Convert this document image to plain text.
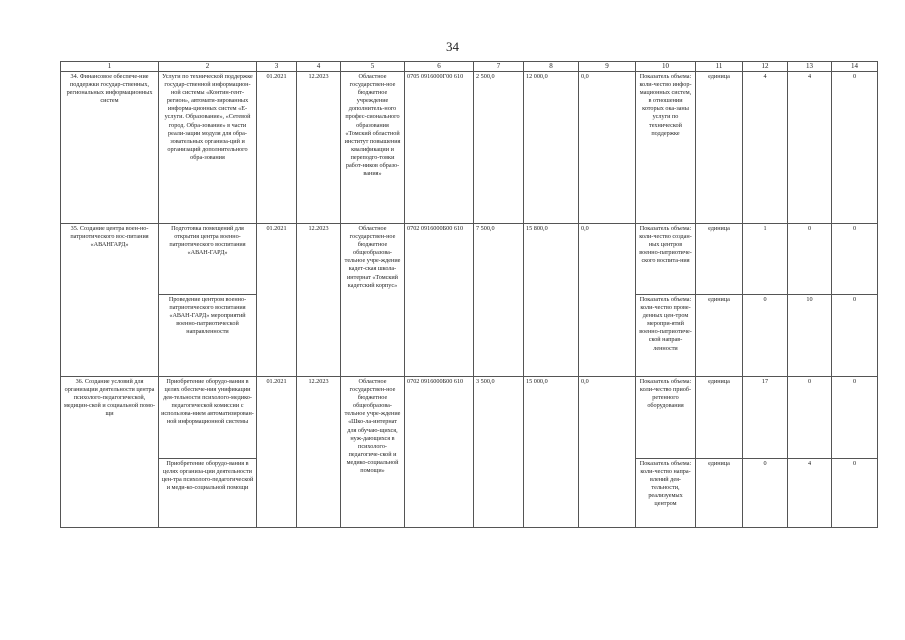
34
1	2	3	4	5	6	7	8	9	10	11	12	13	14
34. Финансовое обеспече-ние поддержки государ-ственных, региональных информационных систем	Услуги по технической поддержке государ-ственной информацион-ной системы «Контин-гент-регион», автомати-зированных информа-ционных систем «Е-услуги. Образование», «Сетевой город. Обра-зование» в части реали-зации модуля для обра-зовательных организа-ций и организаций дополнительного обра-зования	01.2021	12.2023	Областное государствен-ное бюджетное учреждение дополнитель-ного профес-сионального образования «Томский областной институт повышения квалификации и переподго-товки работ-ников образо-вания»	0705 0916000Г00 610	2 500,0	12 000,0	0,0	Показатель объема: коли-чество инфор-мационных систем, в отношении которых ока-заны услуги по технической поддержке	единица	4	4	0
35. Создание центра воен-но-патриотического вос-питания «АВАНГАРД»	Подготовка помещений для открытия центра военно-патриотического воспитания «АВАН-ГАРД»	01.2021	12.2023	Областное государствен-ное бюджетное общеобразова-тельное учре-ждение кадет-ская школа-интернат «Томский кадетский корпус»	0702 0916000Б00 610	7 500,0	15 800,0	0,0	Показатель объема: коли-чество создан-ных центров военно-патриотиче-ского воспита-ния	единица	1	0	0
	Проведение центром военно-патриотического воспитания «АВАН-ГАРД» мероприятий военно-патриотической направленности								Показатель объема: коли-чество прове-денных цен-тром меропри-ятий военно-патриотиче-ской направ-ленности	единица	0	10	0
36. Создание условий для организации деятельности центра психолого-педагогической, медицин-ской и социальной помо-щи	Приобретение оборудо-вания в целях обеспече-ния унификации дея-тельности психолого-медико-педагогической комиссии с использова-нием автоматизирован-ной информационной системы	01.2021	12.2023	Областное государствен-ное бюджетное общеобразова-тельное учре-ждение «Шко-ла-интернат для обучаю-щихся, нуж-дающихся в психолого-педагогиче-ской и медико-социальной помощи»	0702 0916000Б00 610	3 500,0	15 000,0	0,0	Показатель объема: коли-чество приоб-ретенного оборудования	единица	17	0	0
	Приобретение оборудо-вания в целях организа-ции деятельности цен-тра психолого-педагогической и меди-ко-социальной помощи								Показатель объема: коли-чество напра-влений дея-тельности, реализуемых центром	единица	0	4	0
